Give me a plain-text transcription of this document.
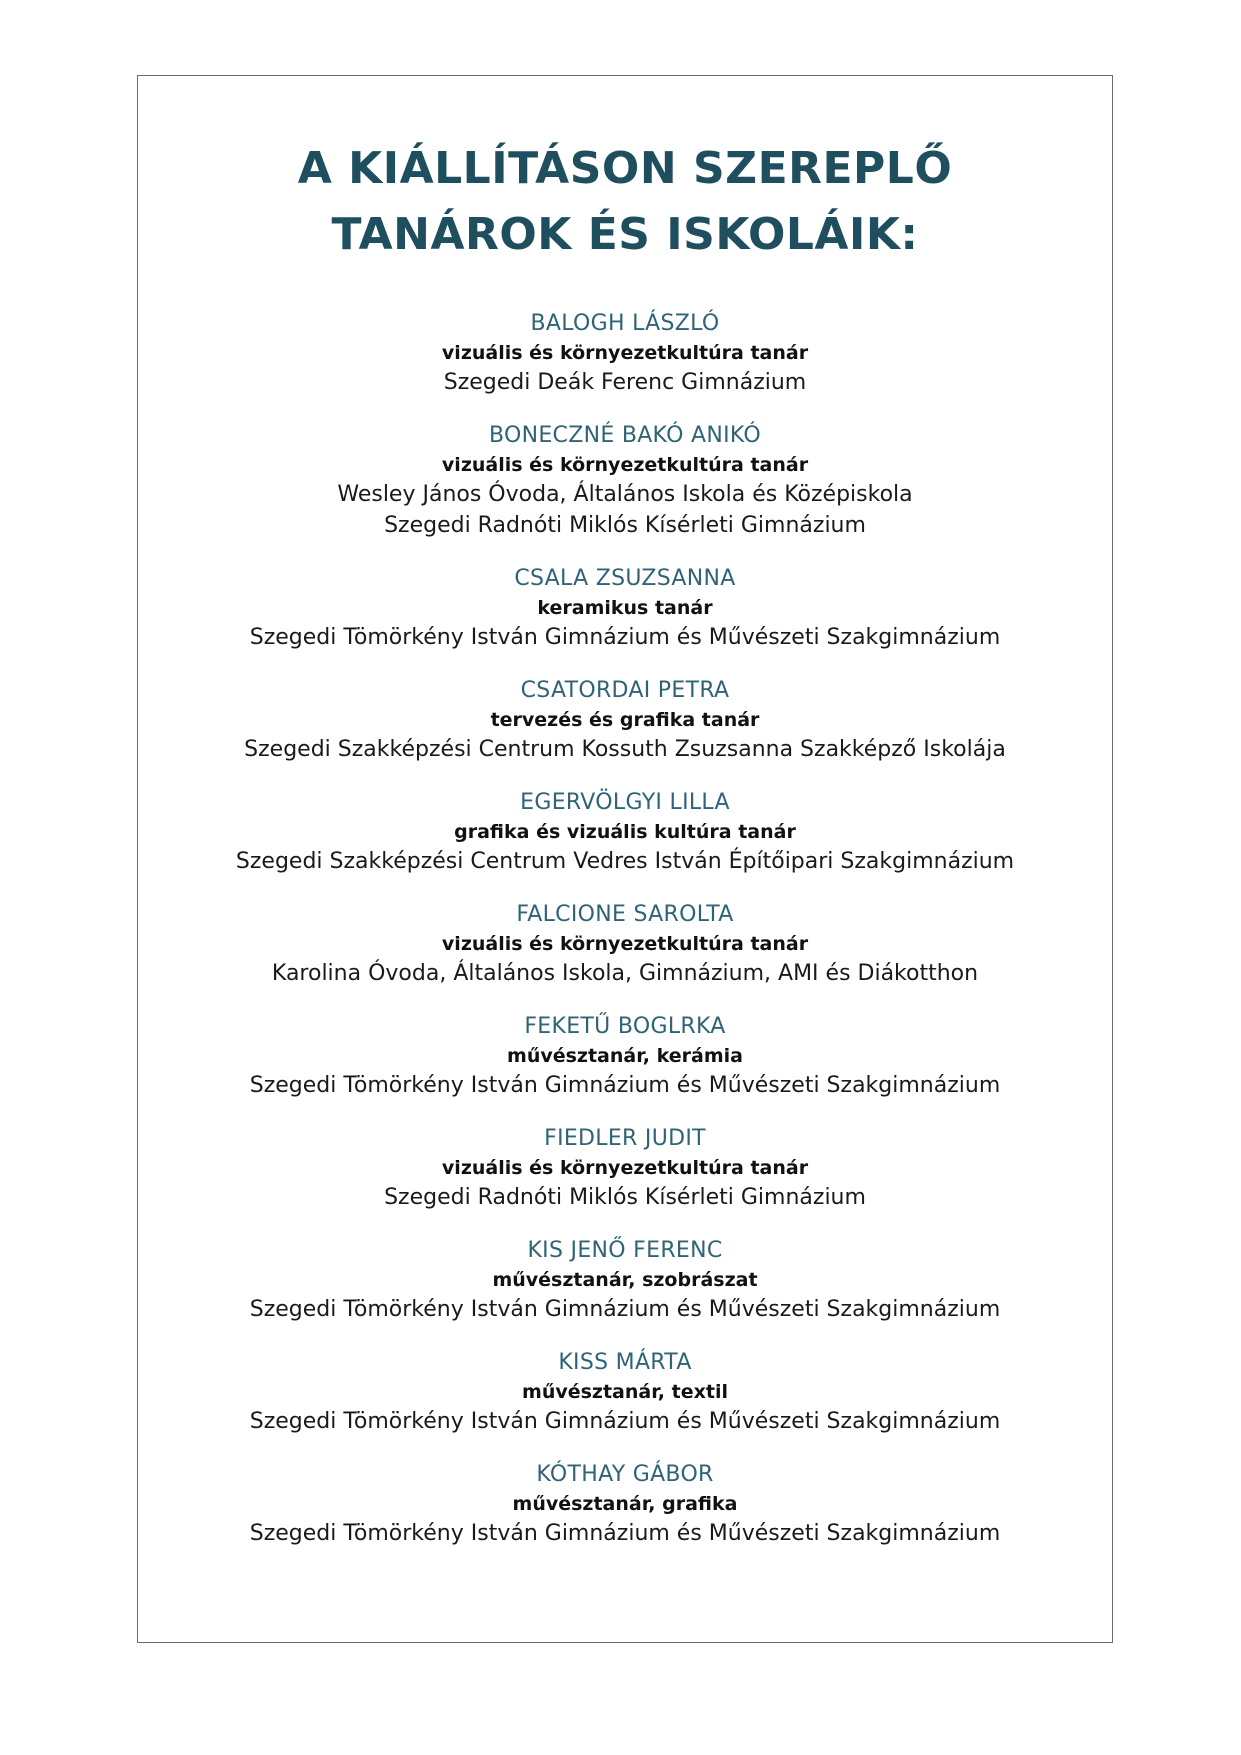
A KIÁLLÍTÁSON SZEREPLŐ
TANÁROK ÉS ISKOLÁIK:
BALOGH LÁSZLÓ
vizuális és környezetkultúra tanár
Szegedi Deák Ferenc Gimnázium
BONECZNÉ BAKÓ ANIKÓ
vizuális és környezetkultúra tanár
Wesley János Óvoda, Általános Iskola és Középiskola
Szegedi Radnóti Miklós Kísérleti Gimnázium
CSALA ZSUZSANNA
keramikus tanár
Szegedi Tömörkény István Gimnázium és Művészeti Szakgimnázium
CSATORDAI PETRA
tervezés és grafika tanár
Szegedi Szakképzési Centrum Kossuth Zsuzsanna Szakképző Iskolája
EGERVÖLGYI LILLA
grafika és vizuális kultúra tanár
Szegedi Szakképzési Centrum Vedres István Építőipari Szakgimnázium
FALCIONE SAROLTA
vizuális és környezetkultúra tanár
Karolina Óvoda, Általános Iskola, Gimnázium, AMI és Diákotthon
FEKETŰ BOGLRKA
művésztanár, kerámia
Szegedi Tömörkény István Gimnázium és Művészeti Szakgimnázium
FIEDLER JUDIT
vizuális és környezetkultúra tanár
Szegedi Radnóti Miklós Kísérleti Gimnázium
KIS JENŐ FERENC
művésztanár, szobrászat
Szegedi Tömörkény István Gimnázium és Művészeti Szakgimnázium
KISS MÁRTA
művésztanár, textil
Szegedi Tömörkény István Gimnázium és Művészeti Szakgimnázium
KÓTHAY GÁBOR
művésztanár, grafika
Szegedi Tömörkény István Gimnázium és Művészeti Szakgimnázium
